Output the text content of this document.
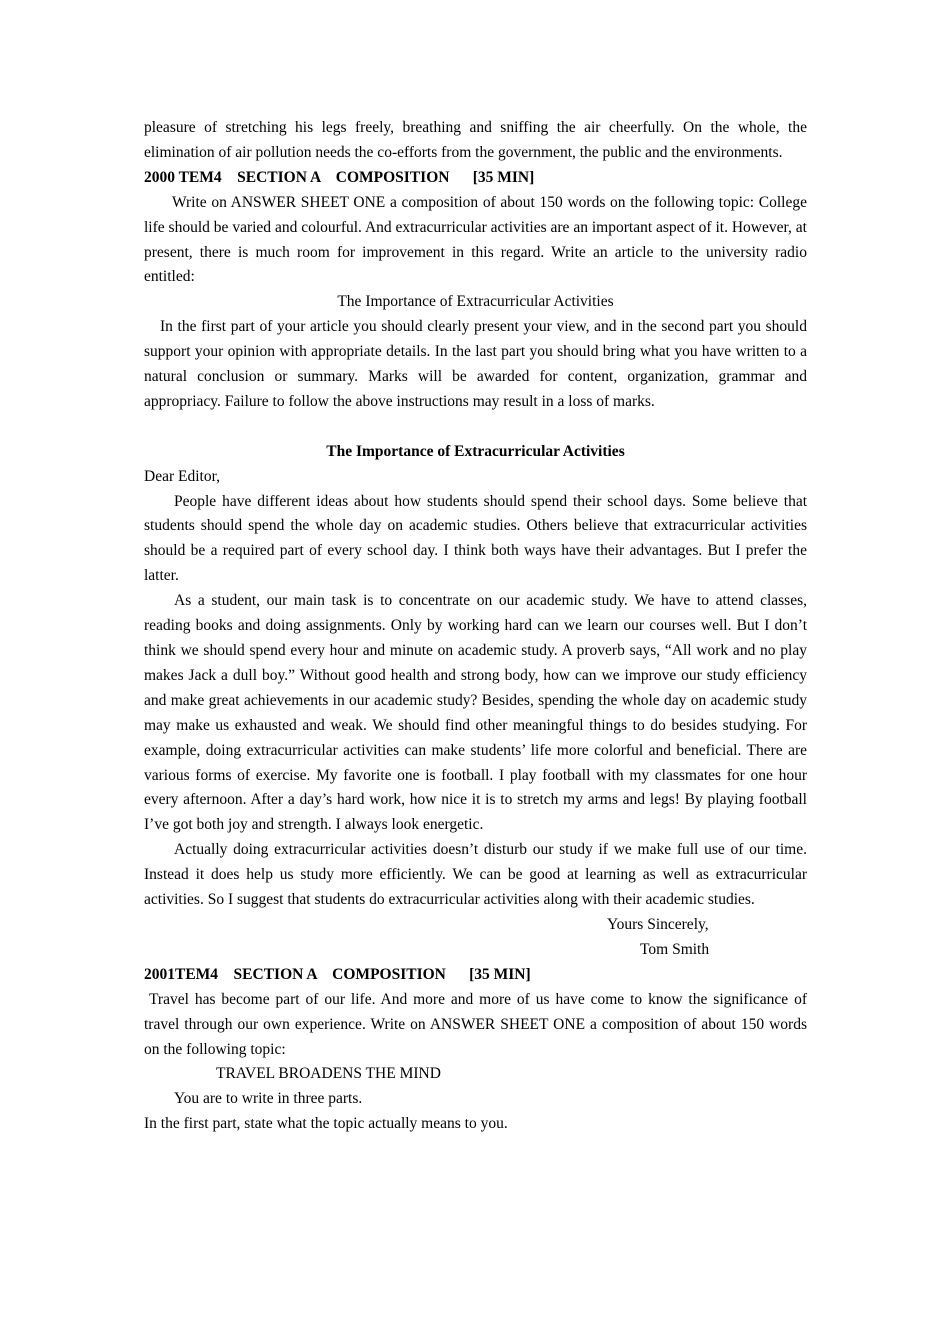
pleasure of stretching his legs freely, breathing and sniffing the air cheerfully. On the whole, the elimination of air pollution needs the co-efforts from the government, the public and the environments.

2000 TEM4    SECTION A    COMPOSITION      [35 MIN]

Write on ANSWER SHEET ONE a composition of about 150 words on the following topic: College life should be varied and colourful. And extracurricular activities are an important aspect of it. However, at present, there is much room for improvement in this regard. Write an article to the university radio entitled:

The Importance of Extracurricular Activities

In the first part of your article you should clearly present your view, and in the second part you should support your opinion with appropriate details. In the last part you should bring what you have written to a natural conclusion or summary. Marks will be awarded for content, organization, grammar and appropriacy. Failure to follow the above instructions may result in a loss of marks.

The Importance of Extracurricular Activities
Dear Editor,

People have different ideas about how students should spend their school days. Some believe that students should spend the whole day on academic studies. Others believe that extracurricular activities should be a required part of every school day. I think both ways have their advantages. But I prefer the latter.

As a student, our main task is to concentrate on our academic study. We have to attend classes, reading books and doing assignments. Only by working hard can we learn our courses well. But I don’t think we should spend every hour and minute on academic study. A proverb says, “All work and no play makes Jack a dull boy.” Without good health and strong body, how can we improve our study efficiency and make great achievements in our academic study? Besides, spending the whole day on academic study may make us exhausted and weak. We should find other meaningful things to do besides studying. For example, doing extracurricular activities can make students’ life more colorful and beneficial. There are various forms of exercise. My favorite one is football. I play football with my classmates for one hour every afternoon. After a day’s hard work, how nice it is to stretch my arms and legs! By playing football I’ve got both joy and strength. I always look energetic.

Actually doing extracurricular activities doesn’t disturb our study if we make full use of our time. Instead it does help us study more efficiently. We can be good at learning as well as extracurricular activities. So I suggest that students do extracurricular activities along with their academic studies.

Yours Sincerely,
Tom Smith
2001TEM4    SECTION A    COMPOSITION      [35 MIN]

Travel has become part of our life. And more and more of us have come to know the significance of travel through our own experience. Write on ANSWER SHEET ONE a composition of about 150 words on the following topic:

TRAVEL BROADENS THE MIND
You are to write in three parts.
In the first part, state what the topic actually means to you.
